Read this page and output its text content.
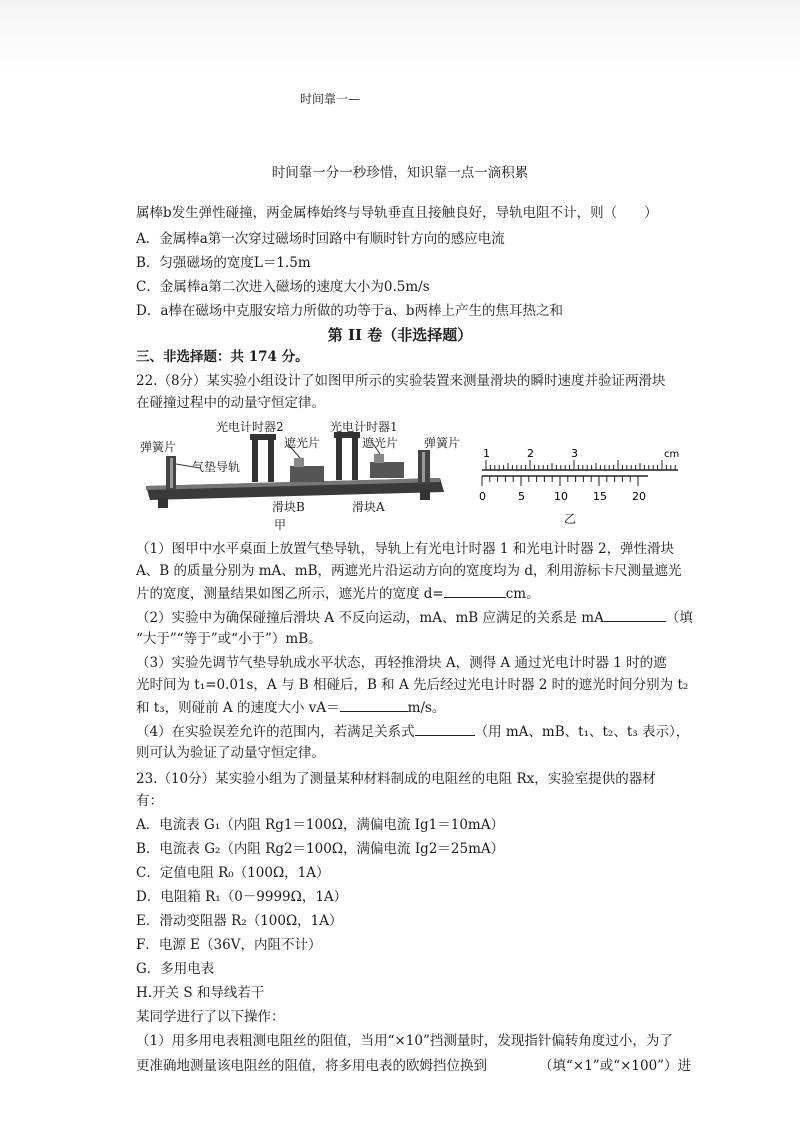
时间靠一—
时间靠一分一秒珍惜，知识靠一点一滴积累
属棒b发生弹性碰撞，两金属棒始终与导轨垂直且接触良好，导轨电阻不计，则（　　）
A．金属棒a第一次穿过磁场时回路中有顺时针方向的感应电流
B．匀强磁场的宽度L＝1.5m
C．金属棒a第二次进入磁场的速度大小为0.5m/s
D．a棒在磁场中克服安培力所做的功等于a、b两棒上产生的焦耳热之和
第 II 卷（非选择题）
三、非选择题：共 174 分。
22.（8分）某实验小组设计了如图甲所示的实验装置来测量滑块的瞬时速度并验证两滑块
在碰撞过程中的动量守恒定律。
弹簧片
光电计时器2	光电计时器1
遮光片	遮光片 弹簧片
气垫导轨
滑块B	滑块A
甲
1	2	3	cm
0	5	10 15 20
乙
（1）图甲中水平桌面上放置气垫导轨，导轨上有光电计时器 1 和光电计时器 2，弹性滑块
A、B 的质量分别为 mA、mB，两遮光片沿运动方向的宽度均为 d，利用游标卡尺测量遮光
片的宽度，测量结果如图乙所示，遮光片的宽度 d=	cm。
（2）实验中为确保碰撞后滑块 A 不反向运动，mA、mB 应满足的关系是 mA	（填
“大于”“等于”或“小于”）mB。
（3）实验先调节气垫导轨成水平状态，再轻推滑块 A，测得 A 通过光电计时器 1 时的遮
光时间为 t₁=0.01s，A 与 B 相碰后，B 和 A 先后经过光电计时器 2 时的遮光时间分别为 t₂
和 t₃，则碰前 A 的速度大小 vA＝	m/s。
（4）在实验误差允许的范围内，若满足关系式	（用 mA、mB、t₁、t₂、t₃ 表示），
则可认为验证了动量守恒定律。
23.（10分）某实验小组为了测量某种材料制成的电阻丝的电阻 Rx，实验室提供的器材
有：
A．电流表 G₁（内阻 Rg1＝100Ω，满偏电流 Ig1＝10mA）
B．电流表 G₂（内阻 Rg2＝100Ω，满偏电流 Ig2＝25mA）
C．定值电阻 R₀（100Ω，1A）
D．电阻箱 R₁（0－9999Ω，1A）
E．滑动变阻器 R₂（100Ω，1A）
F．电源 E（36V，内阻不计）
G．多用电表
H.开关 S 和导线若干
某同学进行了以下操作：
（1）用多用电表粗测电阻丝的阻值，当用“×10”挡测量时，发现指针偏转角度过小，为了
更准确地测量该电阻丝的阻值，将多用电表的欧姆挡位换到	（填“×1”或“×100”）进
